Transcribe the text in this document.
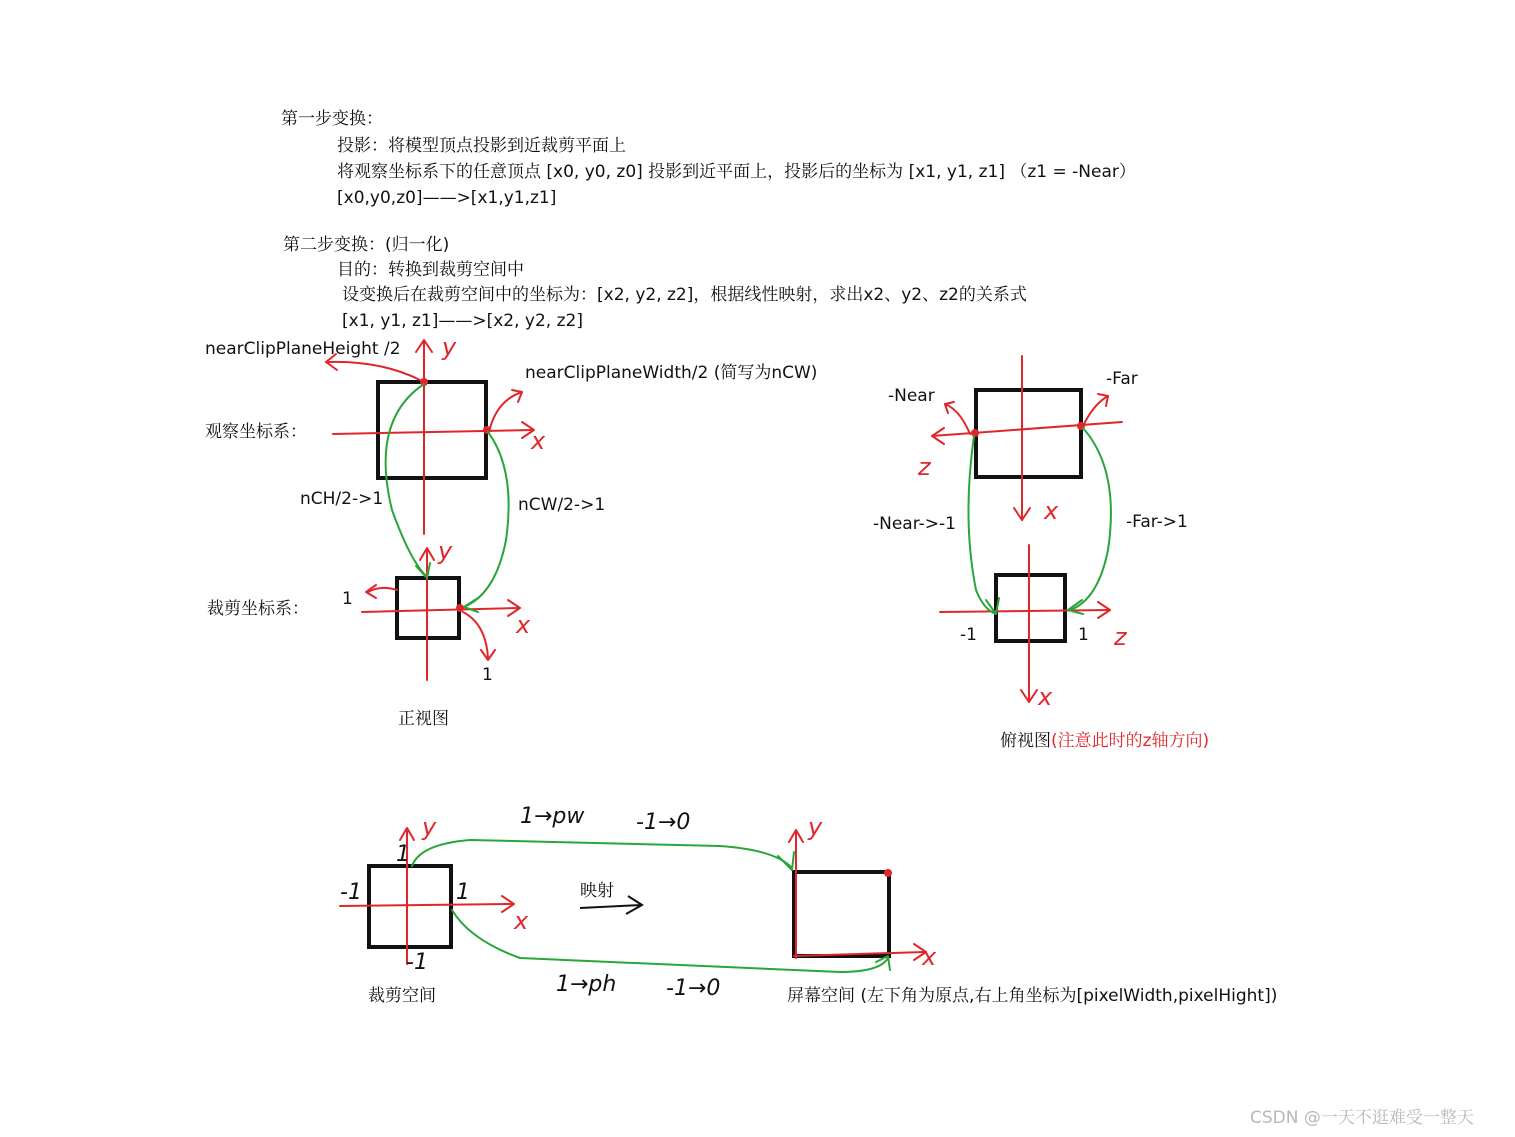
第一步变换：
投影：将模型顶点投影到近裁剪平面上
将观察坐标系下的任意顶点 [x0, y0, z0] 投影到近平面上，投影后的坐标为 [x1, y1, z1] （z1 = -Near）
[x0,y0,z0]——>[x1,y1,z1]
第二步变换：(归一化)
目的：转换到裁剪空间中
设变换后在裁剪空间中的坐标为：[x2, y2, z2]，根据线性映射，求出x2、y2、z2的关系式
[x1, y1, z1]——>[x2, y2, z2]
nearClipPlaneHeight /2
nearClipPlaneWidth/2 (简写为nCW)
观察坐标系：
nCH/2->1	nCW/2->1
裁剪坐标系： 1
1
正视图
y
x
y
x
-Near
-Far
-Near->-1	-Far->1
-1	1
俯视图(注意此时的z轴方向)
z
x
z
x
裁剪空间	屏幕空间 (左下角为原点,右上角坐标为[pixelWidth,pixelHight])
映射
1→pw -1→0
1→ph -1→0
-1	1
1
-1
y
x
y
x
CSDN @一天不逛难受一整天
